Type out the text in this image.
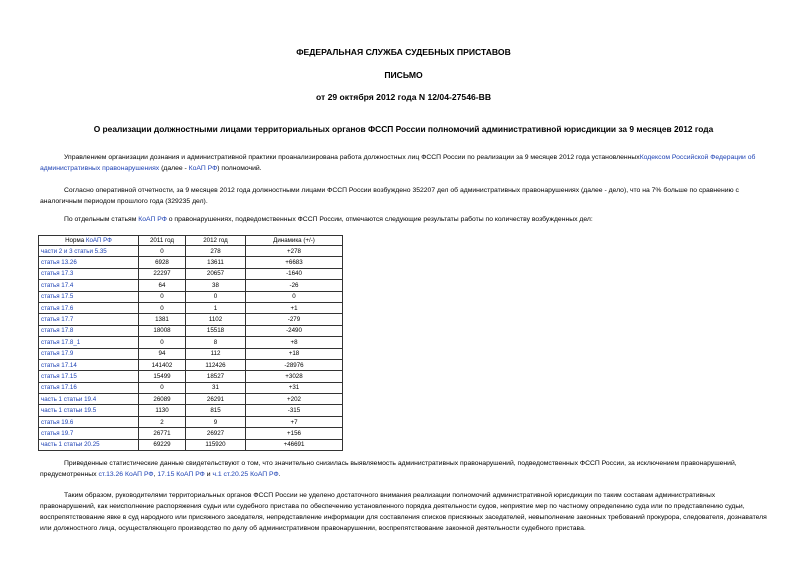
ФЕДЕРАЛЬНАЯ СЛУЖБА СУДЕБНЫХ ПРИСТАВОВ
ПИСЬМО
от 29 октября 2012 года N 12/04-27546-ВВ
О реализации должностными лицами территориальных органов ФССП России полномочий административной юрисдикции за 9 месяцев 2012 года
Управлением организации дознания и административной практики проанализирована работа должностных лиц ФССП России по реализации за 9 месяцев 2012 года установленныхКодексом Российской Федерации об административных правонарушениях (далее - КоАП РФ) полномочий.
Согласно оперативной отчетности, за 9 месяцев 2012 года должностными лицами ФССП России возбуждено 352207 дел об административных правонарушениях (далее - дело), что на 7% больше по сравнению с аналогичным периодом прошлого года (329235 дел).
По отдельным статьям КоАП РФ о правонарушениях, подведомственных ФССП России, отмечаются следующие результаты работы по количеству возбужденных дел:
Норма КоАП РФ	2011 год	2012 год	Динамика (+/-)
части 2 и 3 статьи 5.35	0	278	+278
статья 13.26	6928	13611	+6683
статья 17.3	22297	20657	-1640
статья 17.4	64	38	-26
статья 17.5	0	0	0
статья 17.6	0	1	+1
статья 17.7	1381	1102	-279
статья 17.8	18008	15518	-2490
статья 17.8_1	0	8	+8
статья 17.9	94	112	+18
статья 17.14	141402	112426	-28976
статья 17.15	15499	18527	+3028
статья 17.16	0	31	+31
часть 1 статьи 19.4	26089	26291	+202
часть 1 статьи 19.5	1130	815	-315
статья 19.6	2	9	+7
статья 19.7	26771	26927	+156
часть 1 статьи 20.25	69229	115920	+46691
Приведенные статистические данные свидетельствуют о том, что значительно снизилась выявляемость административных правонарушений, подведомственных ФССП России, за исключением правонарушений, предусмотренных ст.13.26 КоАП РФ, 17.15 КоАП РФ и ч.1 ст.20.25 КоАП РФ.
Таким образом, руководителями территориальных органов ФССП России не уделено достаточного внимания реализации полномочий административной юрисдикции по таким составам административных правонарушений, как неисполнение распоряжения судьи или судебного пристава по обеспечению установленного порядка деятельности судов, неприятие мер по частному определению суда или по представлению судьи, воспрепятствование явке в суд народного или присяжного заседателя, непредставление информации для составления списков присяжных заседателей, невыполнение законных требований прокурора, следователя, дознавателя или должностного лица, осуществляющего производство по делу об административном правонарушении, воспрепятствование законной деятельности судебного пристава.
